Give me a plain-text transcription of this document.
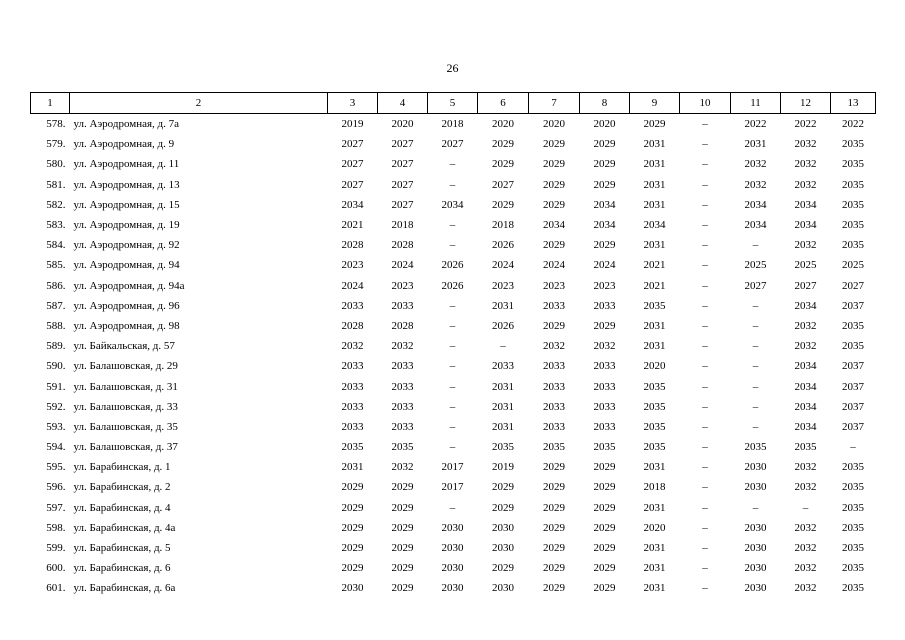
26
1	2	3	4	5	6	7	8	9	10	11	12	13
578.	ул. Аэродромная, д. 7а	2019	2020	2018	2020	2020	2020	2029	–	2022	2022	2022
579.	ул. Аэродромная, д. 9	2027	2027	2027	2029	2029	2029	2031	–	2031	2032	2035
580.	ул. Аэродромная, д. 11	2027	2027	–	2029	2029	2029	2031	–	2032	2032	2035
581.	ул. Аэродромная, д. 13	2027	2027	–	2027	2029	2029	2031	–	2032	2032	2035
582.	ул. Аэродромная, д. 15	2034	2027	2034	2029	2029	2034	2031	–	2034	2034	2035
583.	ул. Аэродромная, д. 19	2021	2018	–	2018	2034	2034	2034	–	2034	2034	2035
584.	ул. Аэродромная, д. 92	2028	2028	–	2026	2029	2029	2031	–	–	2032	2035
585.	ул. Аэродромная, д. 94	2023	2024	2026	2024	2024	2024	2021	–	2025	2025	2025
586.	ул. Аэродромная, д. 94а	2024	2023	2026	2023	2023	2023	2021	–	2027	2027	2027
587.	ул. Аэродромная, д. 96	2033	2033	–	2031	2033	2033	2035	–	–	2034	2037
588.	ул. Аэродромная, д. 98	2028	2028	–	2026	2029	2029	2031	–	–	2032	2035
589.	ул. Байкальская, д. 57	2032	2032	–	–	2032	2032	2031	–	–	2032	2035
590.	ул. Балашовская, д. 29	2033	2033	–	2033	2033	2033	2020	–	–	2034	2037
591.	ул. Балашовская, д. 31	2033	2033	–	2031	2033	2033	2035	–	–	2034	2037
592.	ул. Балашовская, д. 33	2033	2033	–	2031	2033	2033	2035	–	–	2034	2037
593.	ул. Балашовская, д. 35	2033	2033	–	2031	2033	2033	2035	–	–	2034	2037
594.	ул. Балашовская, д. 37	2035	2035	–	2035	2035	2035	2035	–	2035	2035	–
595.	ул. Барабинская, д. 1	2031	2032	2017	2019	2029	2029	2031	–	2030	2032	2035
596.	ул. Барабинская, д. 2	2029	2029	2017	2029	2029	2029	2018	–	2030	2032	2035
597.	ул. Барабинская, д. 4	2029	2029	–	2029	2029	2029	2031	–	–	–	2035
598.	ул. Барабинская, д. 4а	2029	2029	2030	2030	2029	2029	2020	–	2030	2032	2035
599.	ул. Барабинская, д. 5	2029	2029	2030	2030	2029	2029	2031	–	2030	2032	2035
600.	ул. Барабинская, д. 6	2029	2029	2030	2029	2029	2029	2031	–	2030	2032	2035
601.	ул. Барабинская, д. 6а	2030	2029	2030	2030	2029	2029	2031	–	2030	2032	2035
